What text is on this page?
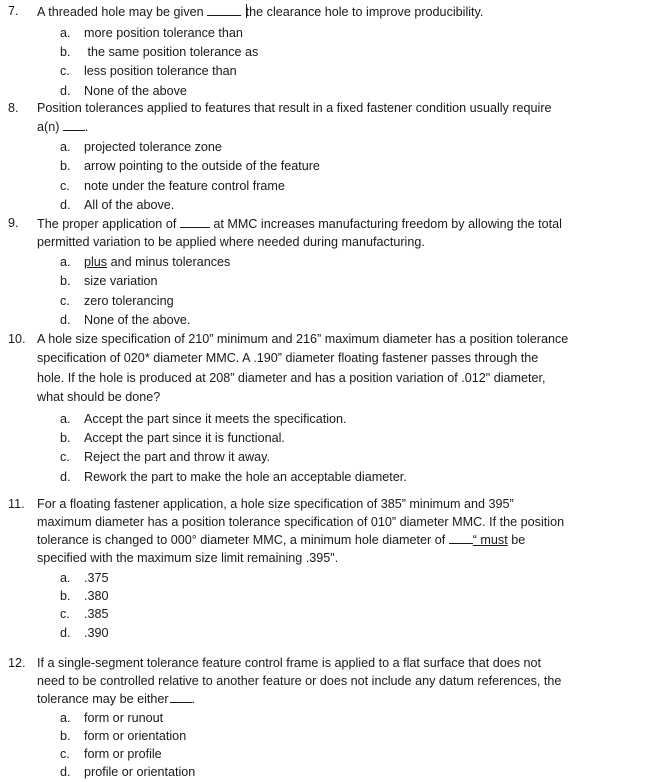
7.	A threaded hole may be given	the clearance hole to improve producibility.
a.	more position tolerance than
b.	the same position tolerance as
c.	less position tolerance than
d.	None of the above
8.	Position tolerances applied to features that result in a fixed fastener condition usually require
a(n) .
a.	projected tolerance zone
b.	arrow pointing to the outside of the feature
c.	note under the feature control frame
d.	All of the above.
9.	The proper application of  at MMC increases manufacturing freedom by allowing the total
permitted variation to be applied where needed during manufacturing.
a.	plus and minus tolerances
b.	size variation
c.	zero tolerancing
d.	None of the above.
10. A hole size specification of 210” minimum and 216” maximum diameter has a position tolerance
specification of 020* diameter MMC. A .190” diameter floating fastener passes through the
hole. If the hole is produced at 208” diameter and has a position variation of .012" diameter,
what should be done?
a.	Accept the part since it meets the specification.
b.	Accept the part since it is functional.
c.	Reject the part and throw it away.
d.	Rework the part to make the hole an acceptable diameter.
11. For a floating fastener application, a hole size specification of 385” minimum and 395”
maximum diameter has a position tolerance specification of 010” diameter MMC. If the position
tolerance is changed to 000° diameter MMC, a minimum hole diameter of “ must be
specified with the maximum size limit remaining .395".
a.	.375
b.	.380
c.	.385
d.	.390
12. If a single-segment tolerance feature control frame is applied to a flat surface that does not
need to be controlled relative to another feature or does not include any datum references, the
tolerance may be either .
a.	form or runout
b.	form or orientation
c.	form or profile
d.	profile or orientation
